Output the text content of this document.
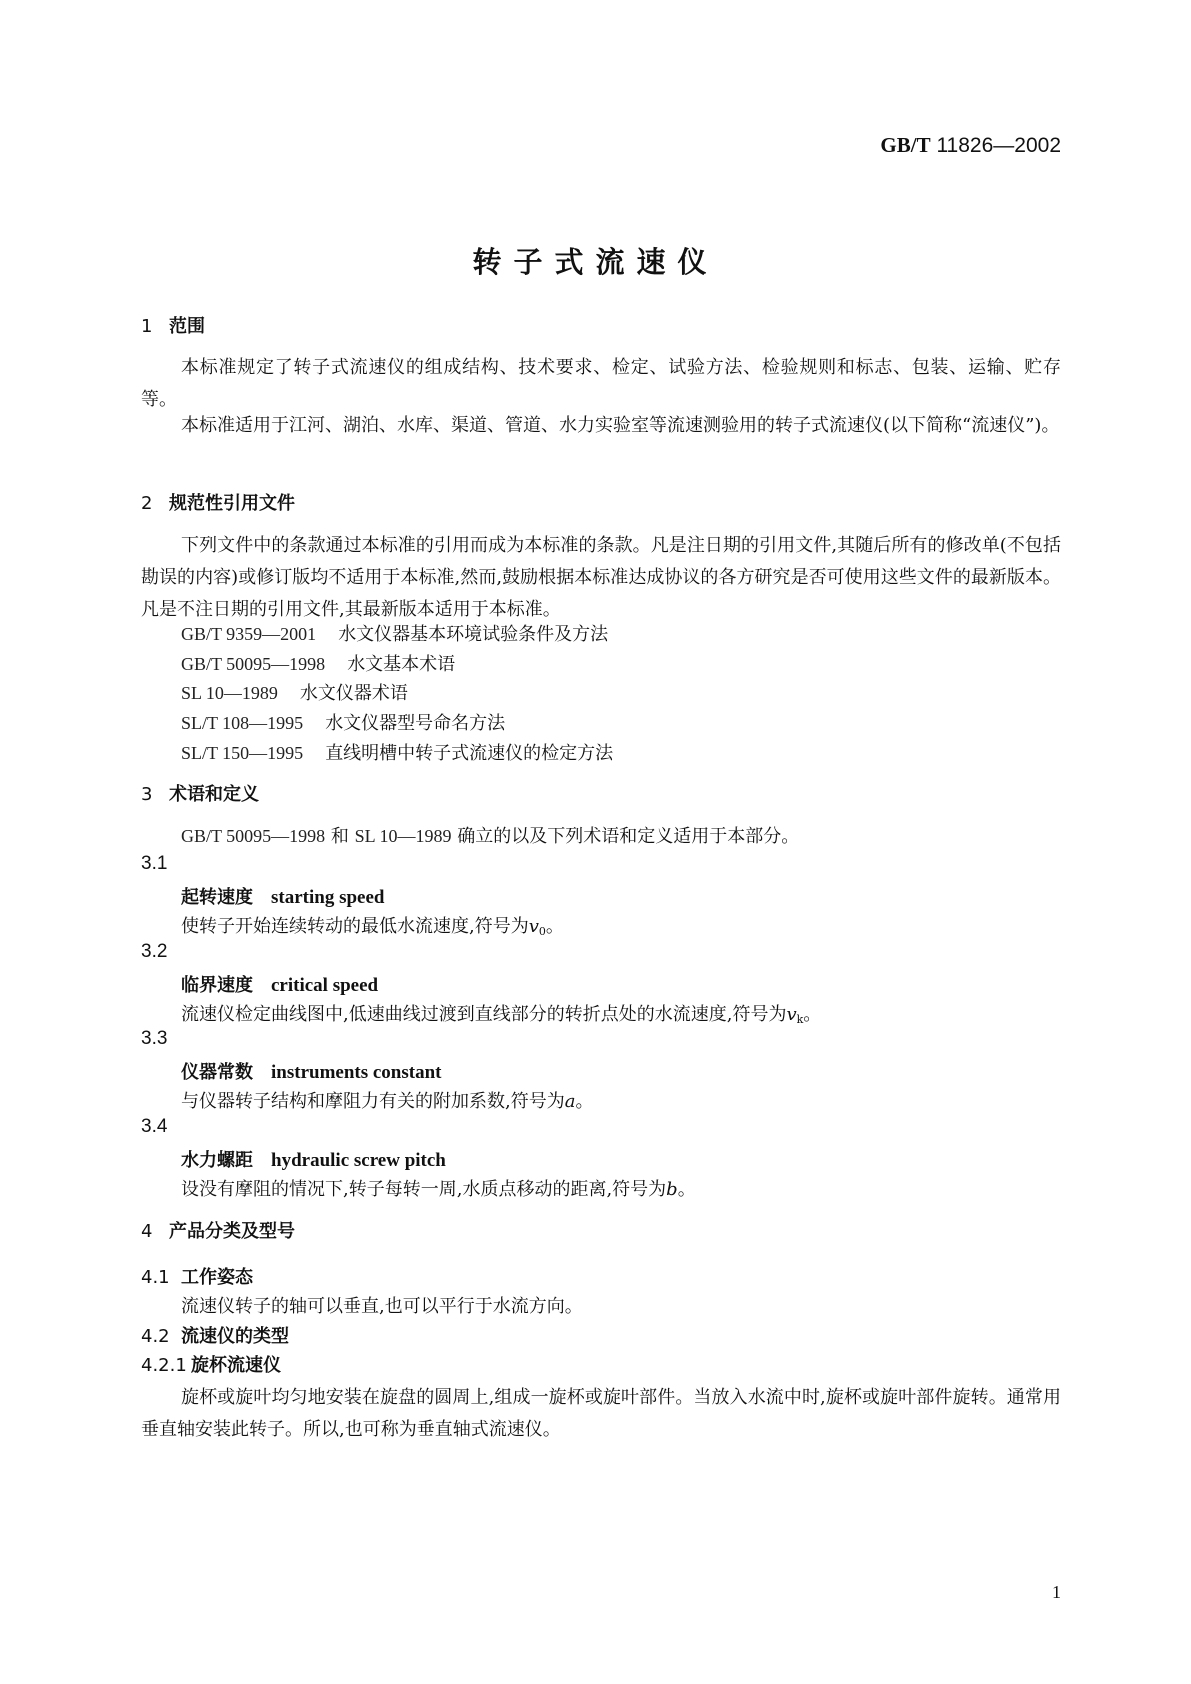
GB/T 11826—2002
转子式流速仪
1 范围
本标准规定了转子式流速仪的组成结构、技术要求、检定、试验方法、检验规则和标志、包装、运输、贮存等。
本标准适用于江河、湖泊、水库、渠道、管道、水力实验室等流速测验用的转子式流速仪(以下简称“流速仪”)。
2 规范性引用文件
下列文件中的条款通过本标准的引用而成为本标准的条款。凡是注日期的引用文件,其随后所有的修改单(不包括勘误的内容)或修订版均不适用于本标准,然而,鼓励根据本标准达成协议的各方研究是否可使用这些文件的最新版本。凡是不注日期的引用文件,其最新版本适用于本标准。
GB/T 9359—2001 水文仪器基本环境试验条件及方法
GB/T 50095—1998 水文基本术语
SL 10—1989 水文仪器术语
SL/T 108—1995 水文仪器型号命名方法
SL/T 150—1995 直线明槽中转子式流速仪的检定方法
3 术语和定义
GB/T 50095—1998 和 SL 10—1989 确立的以及下列术语和定义适用于本部分。
3.1
起转速度 starting speed
使转子开始连续转动的最低水流速度,符号为$v_0$。
3.2
临界速度 critical speed
流速仪检定曲线图中,低速曲线过渡到直线部分的转折点处的水流速度,符号为$v_k$。
3.3
仪器常数 instruments constant
与仪器转子结构和摩阻力有关的附加系数,符号为a。
3.4
水力螺距 hydraulic screw pitch
设没有摩阻的情况下,转子每转一周,水质点移动的距离,符号为b。
4 产品分类及型号
4.1 工作姿态
流速仪转子的轴可以垂直,也可以平行于水流方向。
4.2 流速仪的类型
4.2.1 旋杯流速仪
旋杯或旋叶均匀地安装在旋盘的圆周上,组成一旋杯或旋叶部件。当放入水流中时,旋杯或旋叶部件旋转。通常用垂直轴安装此转子。所以,也可称为垂直轴式流速仪。
1
